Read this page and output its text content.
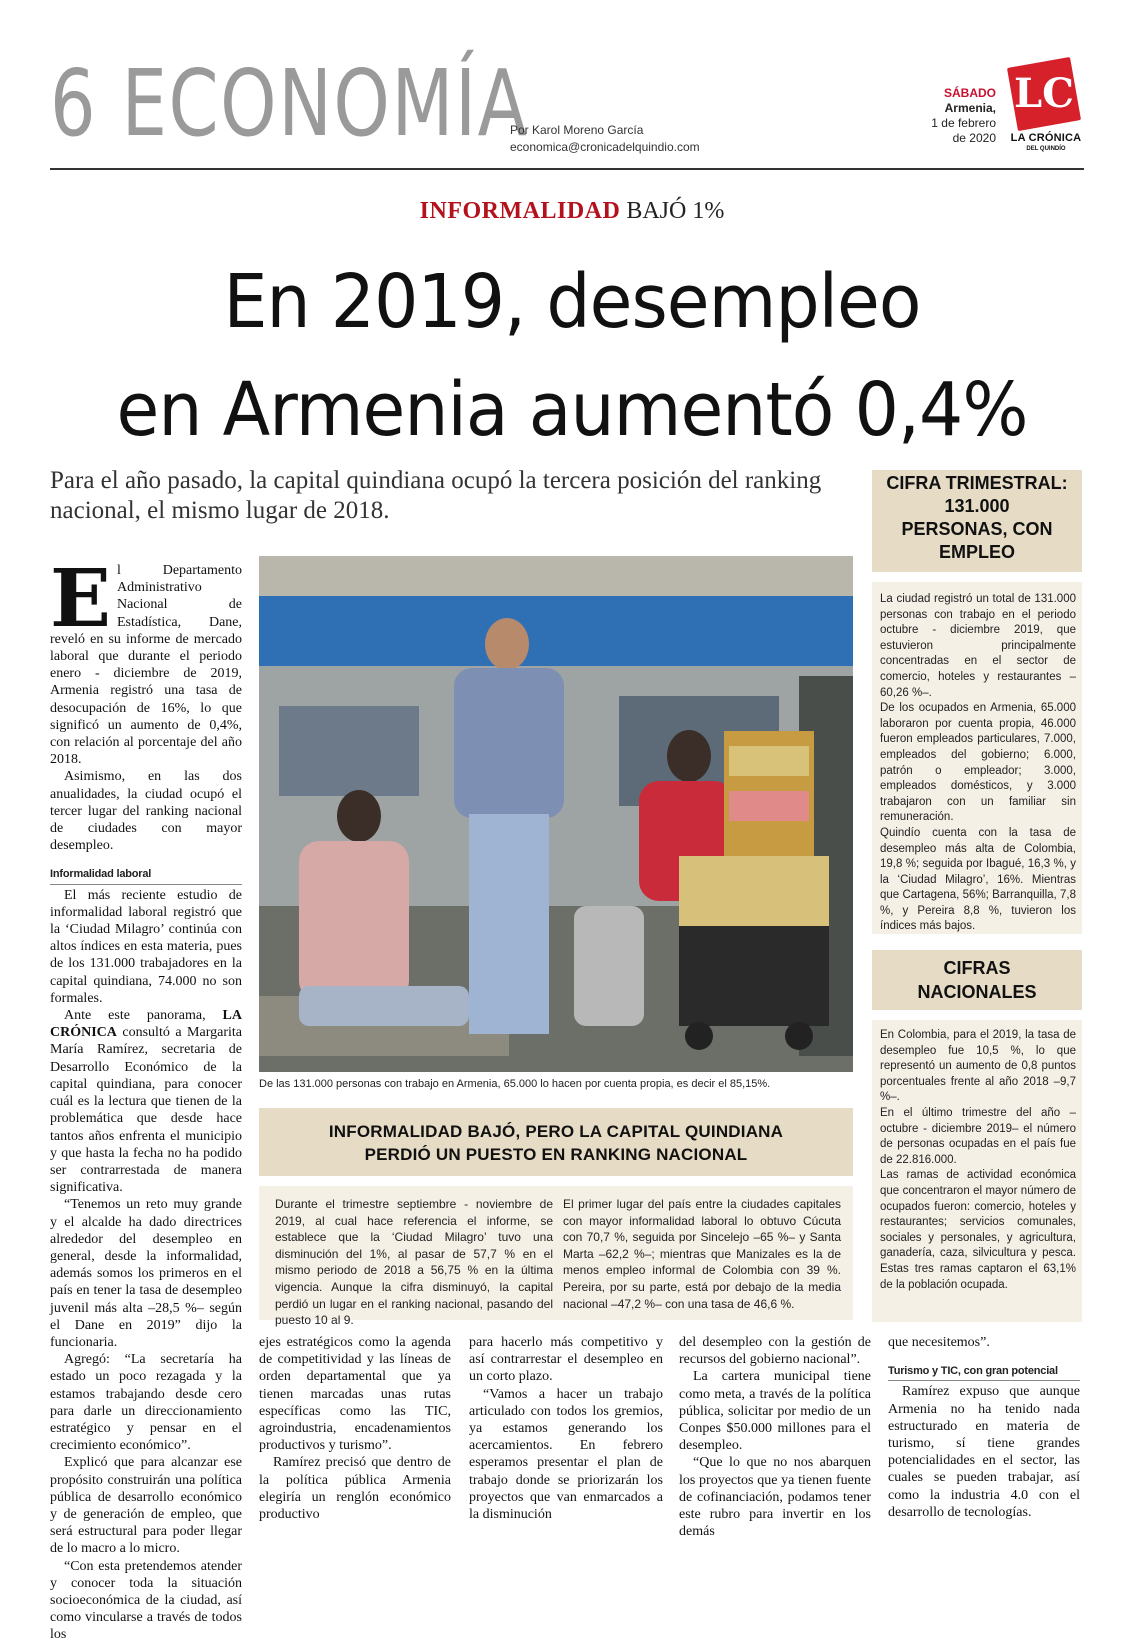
6 ECONOMÍA
Por Karol Moreno García
economica@cronicadelquindio.com
SÁBADO
Armenia,
1 de febrero
de 2020
LC
LA CRÓNICA
DEL QUINDÍO
INFORMALIDAD BAJÓ 1%
En 2019, desempleo
en Armenia aumentó 0,4%
Para el año pasado, la capital quindiana ocupó la tercera posición del ranking nacional, el mismo lugar de 2018.

El Departamento Administrativo Nacional de Estadística, Dane, reveló en su informe de mercado laboral que durante el periodo enero - diciembre de 2019, Armenia registró una tasa de desocupación de 16%, lo que significó un aumento de 0,4%, con relación al porcentaje del año 2018.

Asimismo, en las dos anualidades, la ciudad ocupó el tercer lugar del ranking nacional de ciudades con mayor desempleo.

Informalidad laboral

El más reciente estudio de informalidad laboral registró que la ‘Ciudad Milagro’ continúa con altos índices en esta materia, pues de los 131.000 trabajadores en la capital quindiana, 74.000 no son formales.

Ante este panorama, LA CRÓNICA consultó a Margarita María Ramírez, secretaria de Desarrollo Económico de la capital quindiana, para conocer cuál es la lectura que tienen de la problemática que desde hace tantos años enfrenta el municipio y que hasta la fecha no ha podido ser contrarrestada de manera significativa.

“Tenemos un reto muy grande y el alcalde ha dado directrices alrededor del desempleo en general, desde la informalidad, además somos los primeros en el país en tener la tasa de desempleo juvenil más alta –28,5 %– según el Dane en 2019” dijo la funcionaria.

Agregó: “La secretaría ha estado un poco rezagada y la estamos trabajando desde cero para darle un direccionamiento estratégico y pensar en el crecimiento económico”.

Explicó que para alcanzar ese propósito construirán una política pública de desarrollo económico y de generación de empleo, que será estructural para poder llegar de lo macro a lo micro.

“Con esta pretendemos atender y conocer toda la situación socioeconómica de la ciudad, así como vincularse a través de todos los

De las 131.000 personas con trabajo en Armenia, 65.000 lo hacen por cuenta propia, es decir el 85,15%.
INFORMALIDAD BAJÓ, PERO LA CAPITAL QUINDIANA
PERDIÓ UN PUESTO EN RANKING NACIONAL
Durante el trimestre septiembre - noviembre de 2019, al cual hace referencia el informe, se establece que la ‘Ciudad Milagro’ tuvo una disminución del 1%, al pasar de 57,7 % en el mismo periodo de 2018 a 56,75 % en la última vigencia. Aunque la cifra disminuyó, la capital perdió un lugar en el ranking nacional, pasando del puesto 10 al 9.
El primer lugar del país entre la ciudades capitales con mayor informalidad laboral lo obtuvo Cúcuta con 70,7 %, seguida por Sincelejo –65 %– y Santa Marta –62,2 %–; mientras que Manizales es la de menos empleo informal de Colombia con 39 %. Pereira, por su parte, está por debajo de la media nacional –47,2 %– con una tasa de 46,6 %.

ejes estratégicos como la agenda de competitividad y las líneas de orden departamental que ya tienen marcadas unas rutas específicas como las TIC, agroindustria, encadenamientos productivos y turismo”.

Ramírez precisó que dentro de la política pública Armenia elegiría un renglón económico productivo

para hacerlo más competitivo y así contrarrestar el desempleo en un corto plazo.

“Vamos a hacer un trabajo articulado con todos los gremios, ya estamos generando los acercamientos. En febrero esperamos presentar el plan de trabajo donde se priorizarán los proyectos que van enmarcados a la disminución

del desempleo con la gestión de recursos del gobierno nacional”.

La cartera municipal tiene como meta, a través de la política pública, solicitar por medio de un Conpes $50.000 millones para el desempleo.

“Que lo que no nos abarquen los proyectos que ya tienen fuente de cofinanciación, podamos tener este rubro para invertir en los demás

que necesitemos”.

Turismo y TIC, con gran potencial

Ramírez expuso que aunque Armenia no ha tenido nada estructurado en materia de turismo, sí tiene grandes potencialidades en el sector, las cuales se pueden trabajar, así como la industria 4.0 con el desarrollo de tecnologías.

CIFRA TRIMESTRAL:
131.000
PERSONAS, CON
EMPLEO

La ciudad registró un total de 131.000 personas con trabajo en el periodo octubre - diciembre 2019, que estuvieron principalmente concentradas en el sector de comercio, hoteles y restaurantes –60,26 %–.

De los ocupados en Armenia, 65.000 laboraron por cuenta propia, 46.000 fueron empleados particulares, 7.000, empleados del gobierno; 6.000, patrón o empleador; 3.000, empleados domésticos, y 3.000 trabajaron con un familiar sin remuneración.

Quindío cuenta con la tasa de desempleo más alta de Colombia, 19,8 %; seguida por Ibagué, 16,3 %, y la ‘Ciudad Milagro’, 16%. Mientras que Cartagena, 56%; Barranquilla, 7,8 %, y Pereira 8,8 %, tuvieron los índices más bajos.

CIFRAS
NACIONALES

En Colombia, para el 2019, la tasa de desempleo fue 10,5 %, lo que representó un aumento de 0,8 puntos porcentuales frente al año 2018 –9,7 %–.

En el último trimestre del año –octubre - diciembre 2019– el número de personas ocupadas en el país fue de 22.816.000.

Las ramas de actividad económica que concentraron el mayor número de ocupados fueron: comercio, hoteles y restaurantes; servicios comunales, sociales y personales, y agricultura, ganadería, caza, silvicultura y pesca. Estas tres ramas captaron el 63,1% de la población ocupada.
